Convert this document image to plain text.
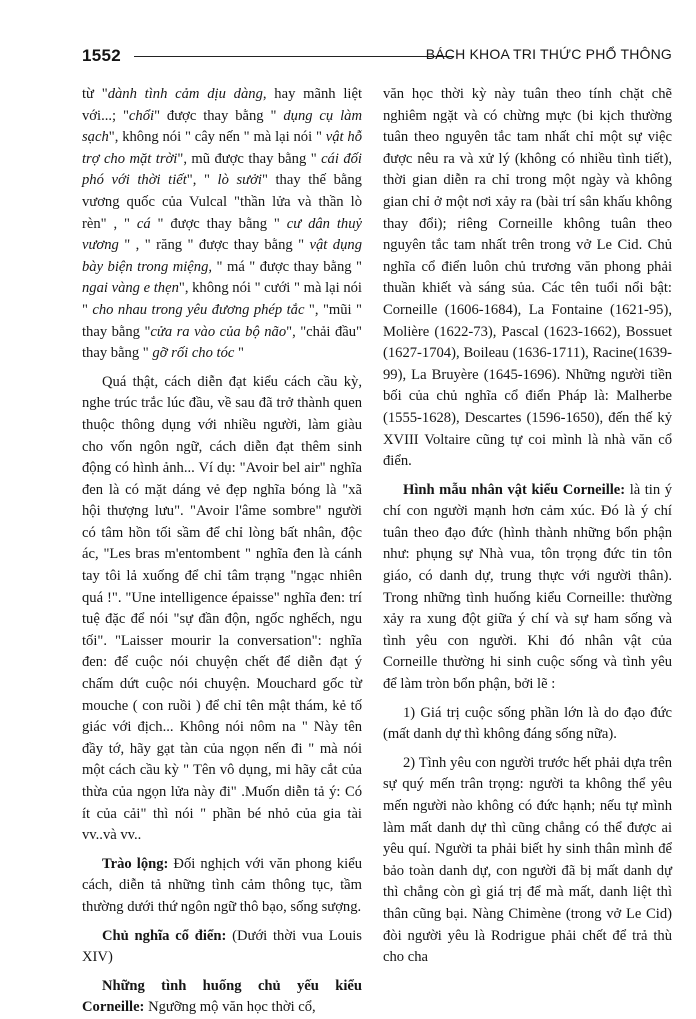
1552	BÁCH KHOA TRI THỨC PHỔ THÔNG

từ "dành tình cảm dịu dàng, hay mãnh liệt với...; "chổi" được thay bằng " dụng cụ làm sạch", không nói " cây nến " mà lại nói " vật hỗ trợ cho mặt trời", mũ được thay bằng " cái đối phó với thời tiết", " lò sưởi" thay thế bằng vương quốc của Vulcal "thần lửa và thần lò rèn" , " cá " được thay bằng " cư dân thuỷ vương " , " răng " được thay bằng " vật dụng bày biện trong miệng, " má " được thay bằng " ngai vàng e thẹn", không nói " cưới " mà lại nói " cho nhau trong yêu đương phép tắc ", "mũi " thay bằng "cửa ra vào của bộ não", "chải đầu" thay bằng " gỡ rối cho tóc "

Quá thật, cách diễn đạt kiểu cách cầu kỳ, nghe trúc trắc lúc đầu, về sau đã trở thành quen thuộc thông dụng với nhiều người, làm giàu cho vốn ngôn ngữ, cách diễn đạt thêm sinh động có hình ảnh... Ví dụ: "Avoir bel air" nghĩa đen là có mặt dáng vẻ đẹp nghĩa bóng là "xã hội thượng lưu". "Avoir l'âme sombre" người có tâm hồn tối sầm để chỉ lòng bất nhân, độc ác, "Les bras m'entombent " nghĩa đen là cánh tay tôi lả xuống để chỉ tâm trạng "ngạc nhiên quá !". "Une intelligence épaisse" nghĩa đen: trí tuệ đặc để nói "sự đần độn, ngốc nghếch, ngu tối". "Laisser mourir la conversation": nghĩa đen: để cuộc nói chuyện chết để diễn đạt ý chấm dứt cuộc nói chuyện. Mouchard gốc từ mouche ( con ruồi ) để chỉ tên mật thám, kẻ tố giác với địch... Không nói nôm na " Này tên đầy tớ, hãy gạt tàn của ngọn nến đi " mà nói một cách cầu kỳ " Tên vô dụng, mi hãy cắt của thừa của ngọn lửa này đi" .Muốn diễn tả ý: Có ít của cải" thì nói " phần bé nhỏ của gia tài vv..và vv..

Trào lộng: Đối nghịch với văn phong kiểu cách, diễn tả những tình cảm thông tục, tầm thường dưới thứ ngôn ngữ thô bạo, sống sượng.

Chủ nghĩa cổ điển: (Dưới thời vua Louis XIV)

Những tình huống chủ yếu kiểu Corneille: Ngưỡng mộ văn học thời cổ,

văn học thời kỳ này tuân theo tính chặt chẽ nghiêm ngặt và có chừng mực (bi kịch thường tuân theo nguyên tắc tam nhất chỉ một sự việc được nêu ra và xử lý (không có nhiều tình tiết), thời gian diễn ra chỉ trong một ngày và không gian chỉ ở một nơi xảy ra (bài trí sân khấu không thay đổi); riêng Corneille không tuân theo nguyên tắc tam nhất trên trong vở Le Cid. Chủ nghĩa cổ điển luôn chủ trương văn phong phải thuần khiết và sáng sủa. Các tên tuổi nổi bật: Corneille (1606-1684), La Fontaine (1621-95), Molière (1622-73), Pascal (1623-1662), Bossuet (1627-1704), Boileau (1636-1711), Racine(1639-99), La Bruyère (1645-1696). Những người tiền bối của chủ nghĩa cổ điển Pháp là: Malherbe (1555-1628), Descartes (1596-1650), đến thế kỷ XVIII Voltaire cũng tự coi mình là nhà văn cổ điển.

Hình mẫu nhân vật kiểu Corneille: là tin ý chí con người mạnh hơn cảm xúc. Đó là ý chí tuân theo đạo đức (hình thành những bổn phận như: phụng sự Nhà vua, tôn trọng đức tin tôn giáo, có danh dự, trung thực với người thân). Trong những tình huống kiểu Corneille: thường xảy ra xung đột giữa ý chí và sự ham sống và tình yêu con người. Khi đó nhân vật của Corneille thường hi sinh cuộc sống và tình yêu để làm tròn bổn phận, bởi lẽ :

1) Giá trị cuộc sống phần lớn là do đạo đức (mất danh dự thì không đáng sống nữa).

2) Tình yêu con người trước hết phải dựa trên sự quý mến trân trọng: người ta không thể yêu mến người nào không có đức hạnh; nếu tự mình làm mất danh dự thì cũng chẳng có thể được ai yêu quí. Người ta phải biết hy sinh thân mình để bảo toàn danh dự, con người đã bị mất danh dự thì chẳng còn gì giá trị để mà mất, danh liệt thì thân cũng bại. Nàng Chimène (trong vở Le Cid) đòi người yêu là Rodrigue phải chết để trả thù cho cha
